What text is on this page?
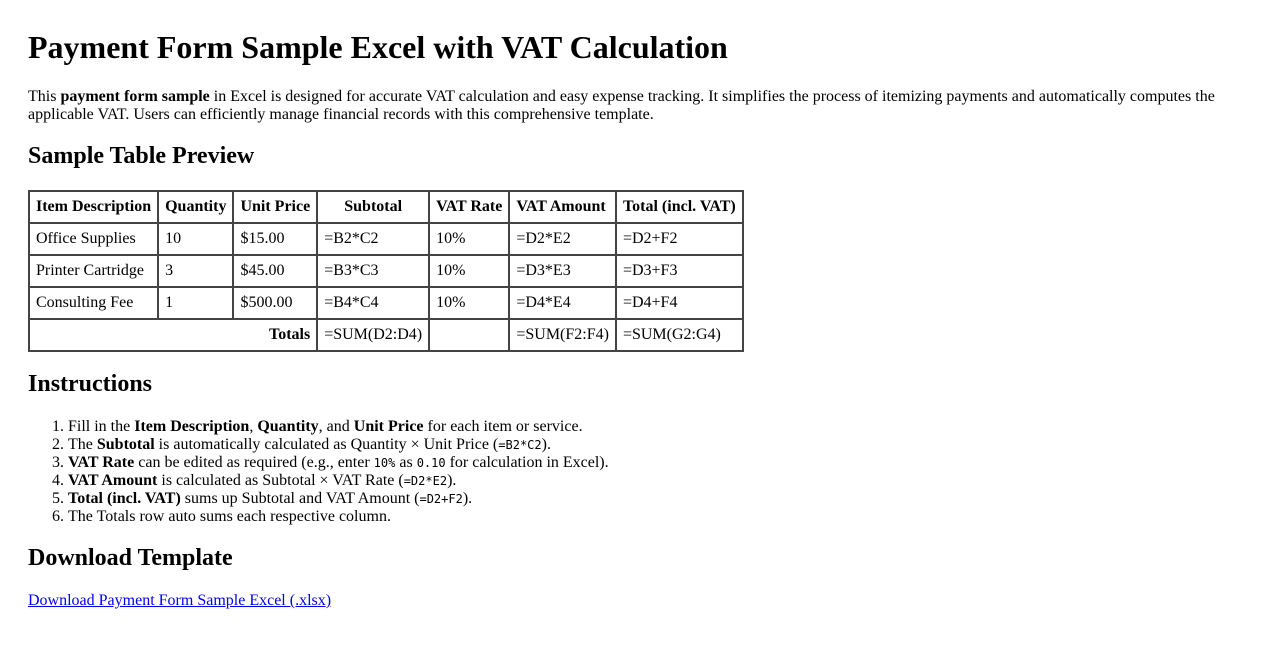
Payment Form Sample Excel with VAT Calculation

This payment form sample in Excel is designed for accurate VAT calculation and easy expense tracking. It simplifies the process of itemizing payments and automatically computes the applicable VAT. Users can efficiently manage financial records with this comprehensive template.

Sample Table Preview
Item Description	Quantity	Unit Price	Subtotal	VAT Rate	VAT Amount	Total (incl. VAT)
Office Supplies	10	$15.00	=B2*C2	10%	=D2*E2	=D2+F2
Printer Cartridge	3	$45.00	=B3*C3	10%	=D3*E3	=D3+F3
Consulting Fee	1	$500.00	=B4*C4	10%	=D4*E4	=D4+F4
Totals			=SUM(D2:D4)		=SUM(F2:F4)	=SUM(G2:G4)
Instructions
1. Fill in the Item Description, Quantity, and Unit Price for each item or service.
2. The Subtotal is automatically calculated as Quantity × Unit Price (=B2*C2).
3. VAT Rate can be edited as required (e.g., enter 10% as 0.10 for calculation in Excel).
4. VAT Amount is calculated as Subtotal × VAT Rate (=D2*E2).
5. Total (incl. VAT) sums up Subtotal and VAT Amount (=D2+F2).
6. The Totals row auto sums each respective column.
Download Template

Download Payment Form Sample Excel (.xlsx)
